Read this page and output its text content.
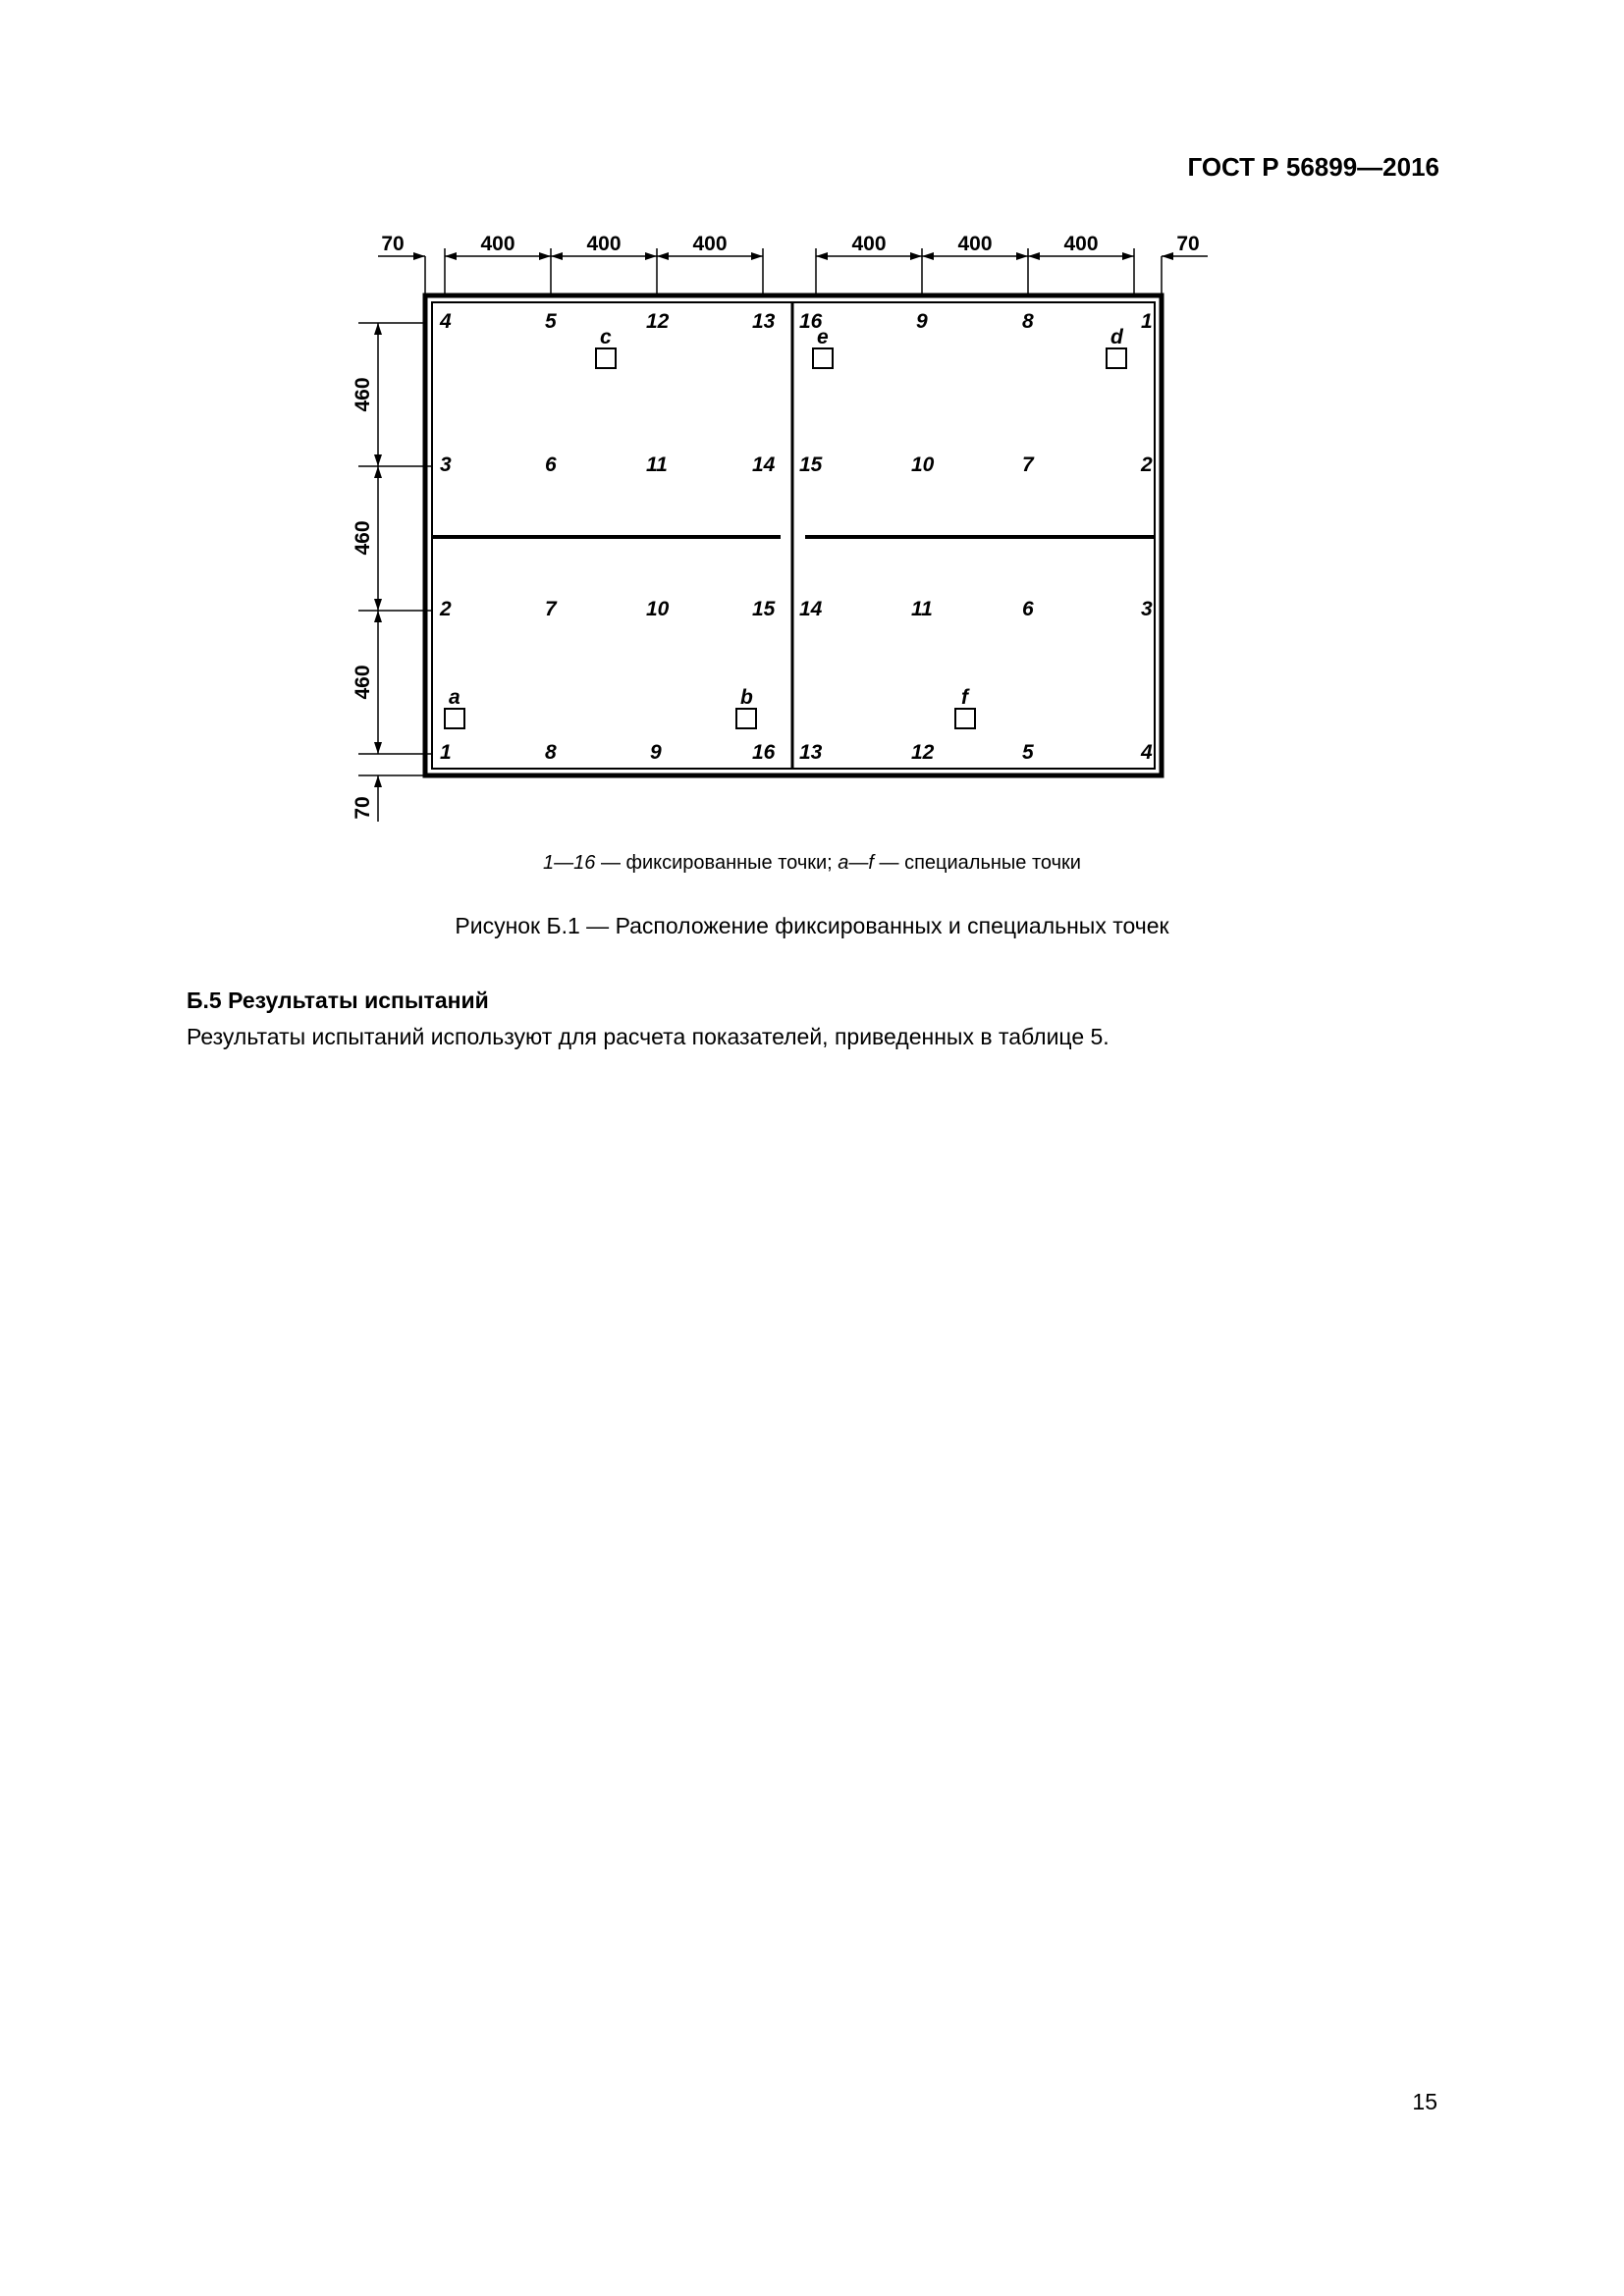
ГОСТ Р 56899—2016
70	400	400	400	400	400	400	70
460
460
460
70
4	5	12	13
3	6	11	14
2	7	10	15
1	8	9	16
16	9	8	1
15	10	7	2
14	11	6	3
13	12	5	4
c	e	d
a	b	f
1—16 — фиксированные точки; a—f — специальные точки
Рисунок Б.1 — Расположение фиксированных и специальных точек
Б.5 Результаты испытаний
Результаты испытаний используют для расчета показателей, приведенных в таблице 5.
15
